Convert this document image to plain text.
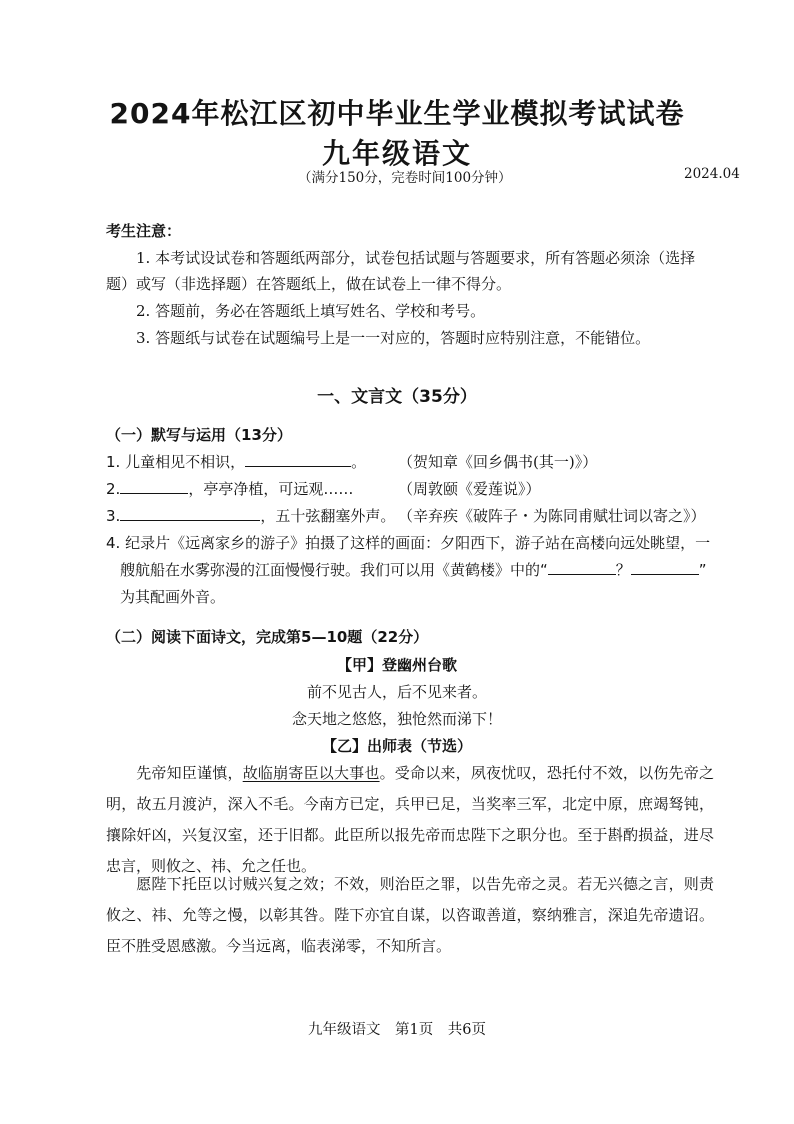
2024年松江区初中毕业生学业模拟考试试卷
九年级语文
（满分150分，完卷时间100分钟）	2024.04
考生注意：
1. 本考试设试卷和答题纸两部分，试卷包括试题与答题要求，所有答题必须涂（选择
题）或写（非选择题）在答题纸上，做在试卷上一律不得分。
2. 答题前，务必在答题纸上填写姓名、学校和考号。
3. 答题纸与试卷在试题编号上是一一对应的，答题时应特别注意，不能错位。
一、文言文（35分）
（一）默写与运用（13分）
1. 儿童相见不相识，	。 （贺知章《回乡偶书(其一)》）
2.	，亭亭净植，可远观……	（周敦颐《爱莲说》）
3.	，五十弦翻塞外声。 （辛弃疾《破阵子・为陈同甫赋壮词以寄之》）
4. 纪录片《远离家乡的游子》拍摄了这样的画面：夕阳西下，游子站在高楼向远处眺望，一
艘航船在水雾弥漫的江面慢慢行驶。我们可以用《黄鹤楼》中的“	？	”
为其配画外音。
（二）阅读下面诗文，完成第5—10题（22分）
【甲】登幽州台歌
前不见古人，后不见来者。
念天地之悠悠，独怆然而涕下！
【乙】出师表（节选）
先帝知臣谨慎，故临崩寄臣以大事也。受命以来，夙夜忧叹，恐托付不效，以伤先帝之明，故五月渡泸，深入不毛。今南方已定，兵甲已足，当奖率三军，北定中原，庶竭驽钝，攘除奸凶，兴复汉室，还于旧都。此臣所以报先帝而忠陛下之职分也。至于斟酌损益，进尽忠言，则攸之、祎、允之任也。
愿陛下托臣以讨贼兴复之效；不效，则治臣之罪，以告先帝之灵。若无兴德之言，则责攸之、祎、允等之慢，以彰其咎。陛下亦宜自谋，以咨诹善道，察纳雅言，深追先帝遗诏。臣不胜受恩感激。今当远离，临表涕零，不知所言。
九年级语文　第1页　共6页
